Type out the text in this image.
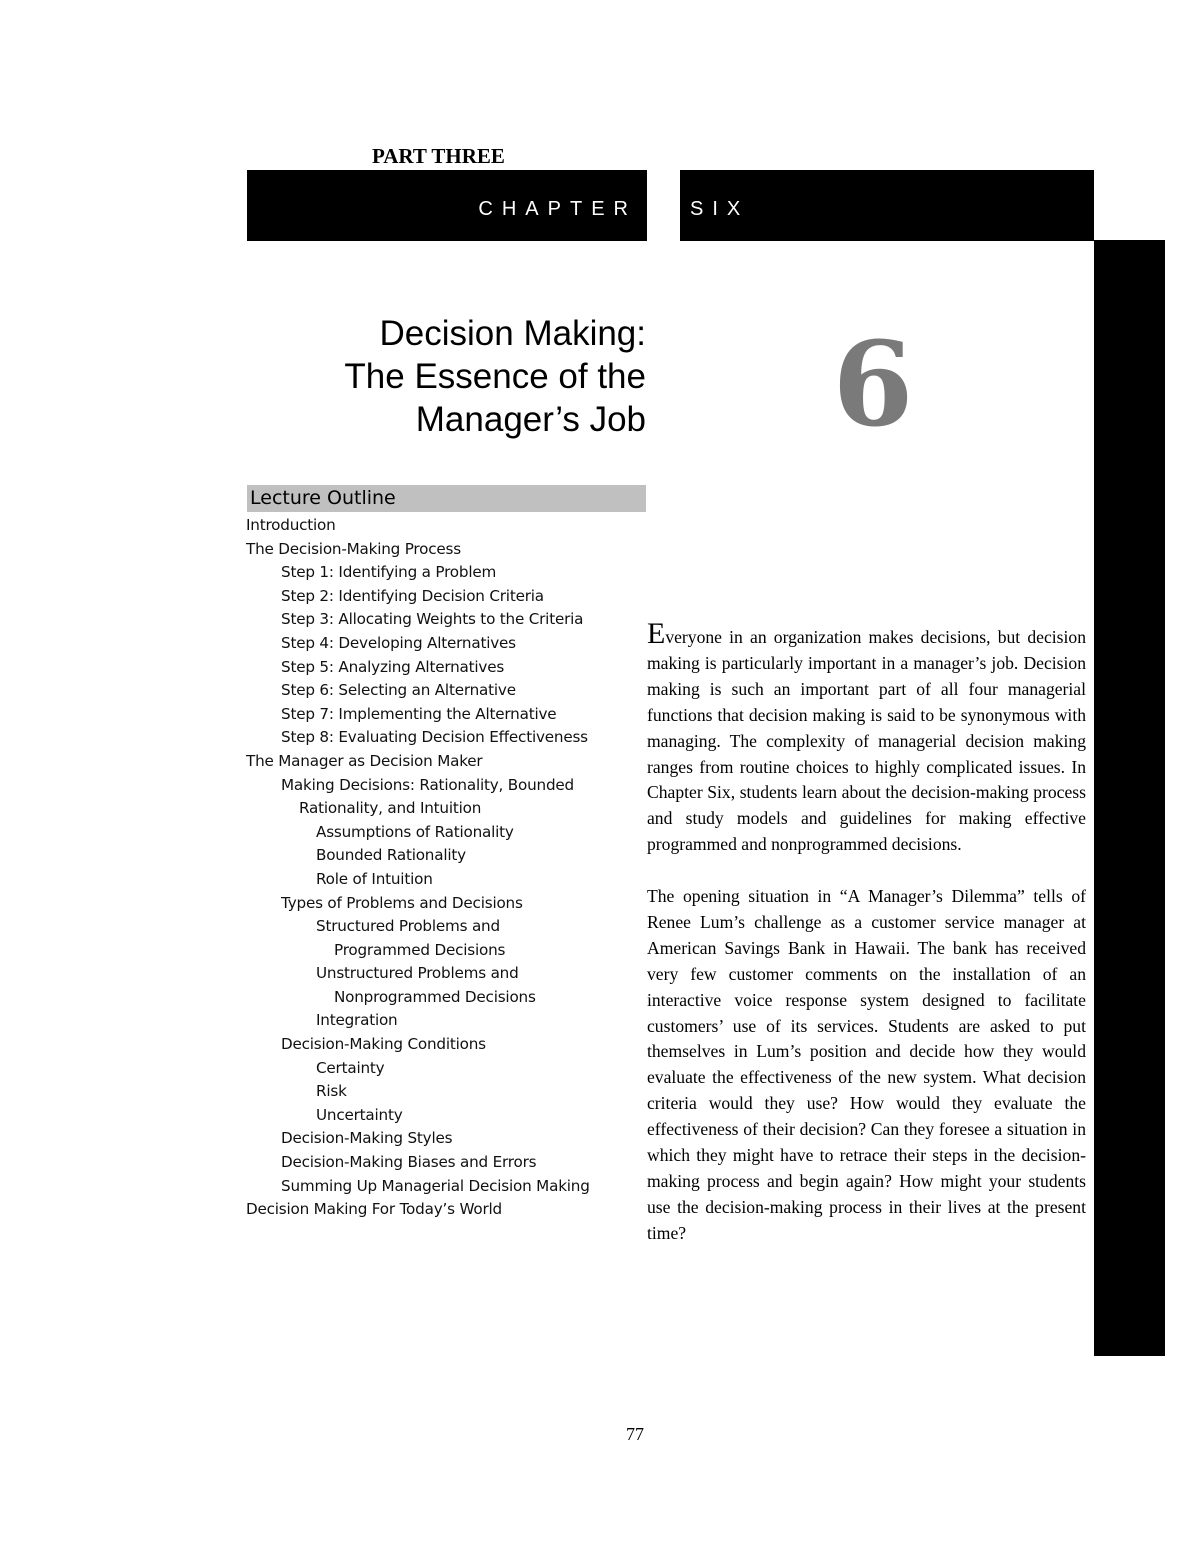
PART THREE
CHAPTER	SIX
Decision Making:
The Essence of the
Manager’s Job 6
Lecture Outline
Introduction
The Decision-Making Process
Step 1: Identifying a Problem
Step 2: Identifying Decision Criteria
Step 3: Allocating Weights to the Criteria
Step 4: Developing Alternatives
Step 5: Analyzing Alternatives
Step 6: Selecting an Alternative
Step 7: Implementing the Alternative
Step 8: Evaluating Decision Effectiveness
The Manager as Decision Maker
Making Decisions: Rationality, Bounded
Rationality, and Intuition
Assumptions of Rationality
Bounded Rationality
Role of Intuition
Types of Problems and Decisions
Structured Problems and
Programmed Decisions
Unstructured Problems and
Nonprogrammed Decisions
Integration
Decision-Making Conditions
Certainty
Risk
Uncertainty
Decision-Making Styles
Decision-Making Biases and Errors
Summing Up Managerial Decision Making
Decision Making For Today’s World

Everyone in an organization makes decisions, but decision making is particularly important in a manager’s job. Decision making is such an important part of all four managerial functions that decision making is said to be synonymous with managing. The complexity of managerial decision making ranges from routine choices to highly complicated issues. In Chapter Six, students learn about the decision-making process and study models and guidelines for making effective programmed and nonprogrammed decisions.

The opening situation in “A Manager’s Dilemma” tells of Renee Lum’s challenge as a customer service manager at American Savings Bank in Hawaii. The bank has received very few customer comments on the installation of an interactive voice response system designed to facilitate customers’ use of its services. Students are asked to put themselves in Lum’s position and decide how they would evaluate the effectiveness of the new system. What decision criteria would they use? How would they evaluate the effectiveness of their decision? Can they foresee a situation in which they might have to retrace their steps in the decision-making process and begin again? How might your students use the decision-making process in their lives at the present time?

77
